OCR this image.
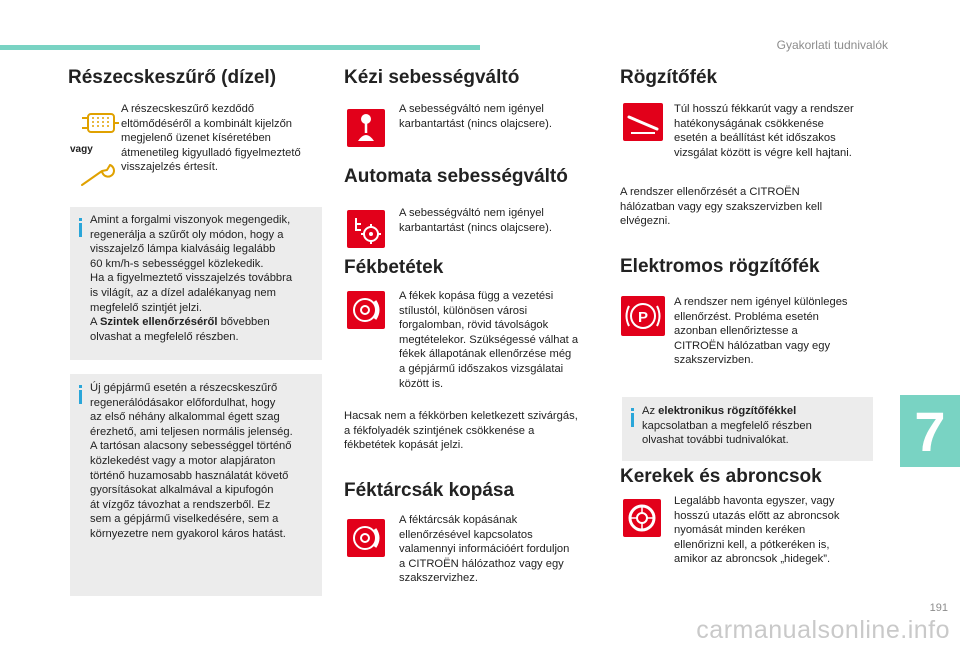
Gyakorlati tudnivalók
Részecskeszűrő (dízel)
vagy
A részecskeszűrő kezdődő
eltömődéséről a kombinált kijelzőn
megjelenő üzenet kíséretében
átmenetileg kigyulladó figyelmeztető
visszajelzés értesít.
Amint a forgalmi viszonyok megengedik,
regenerálja a szűrőt oly módon, hogy a
visszajelző lámpa kialvásáig legalább
60 km/h-s sebességgel közlekedik.
Ha a figyelmeztető visszajelzés továbbra
is világít, az a dízel adalékanyag nem
megfelelő szintjét jelzi.
A Szintek ellenőrzéséről bővebben
olvashat a megfelelő részben.
Új gépjármű esetén a részecskeszűrő
regenerálódásakor előfordulhat, hogy
az első néhány alkalommal égett szag
érezhető, ami teljesen normális jelenség.
A tartósan alacsony sebességgel történő
közlekedést vagy a motor alapjáraton
történő huzamosabb használatát követő
gyorsításokat alkalmával a kipufogón
át vízgőz távozhat a rendszerből. Ez
sem a gépjármű viselkedésére, sem a
környezetre nem gyakorol káros hatást.
Kézi sebességváltó
A sebességváltó nem igényel
karbantartást (nincs olajcsere).
Automata sebességváltó
A sebességváltó nem igényel
karbantartást (nincs olajcsere).
Fékbetétek
A fékek kopása függ a vezetési
stílustól, különösen városi
forgalomban, rövid távolságok
megtételekor. Szükségessé válhat a
fékek állapotának ellenőrzése még
a gépjármű időszakos vizsgálatai
között is.
Hacsak nem a fékkörben keletkezett szivárgás,
a fékfolyadék szintjének csökkenése a
fékbetétek kopását jelzi.
Féktárcsák kopása
A féktárcsák kopásának
ellenőrzésével kapcsolatos
valamennyi információért forduljon
a CITROËN hálózathoz vagy egy
szakszervizhez.
Rögzítőfék
Túl hosszú fékkarút vagy a rendszer
hatékonyságának csökkenése
esetén a beállítást két időszakos
vizsgálat között is végre kell hajtani.
A rendszer ellenőrzését a CITROËN
hálózatban vagy egy szakszervizben kell
elvégezni.
Elektromos rögzítőfék
P
A rendszer nem igényel különleges
ellenőrzést. Probléma esetén
azonban ellenőriztesse a
CITROËN hálózatban vagy egy
szakszervizben.
Az elektronikus rögzítőfékkel
kapcsolatban a megfelelő részben
olvashat további tudnivalókat.
Kerekek és abroncsok
Legalább havonta egyszer, vagy
hosszú utazás előtt az abroncsok
nyomását minden keréken
ellenőrizni kell, a pótkeréken is,
amikor az abroncsok „hidegek”.
7
191
carmanualsonline.info
